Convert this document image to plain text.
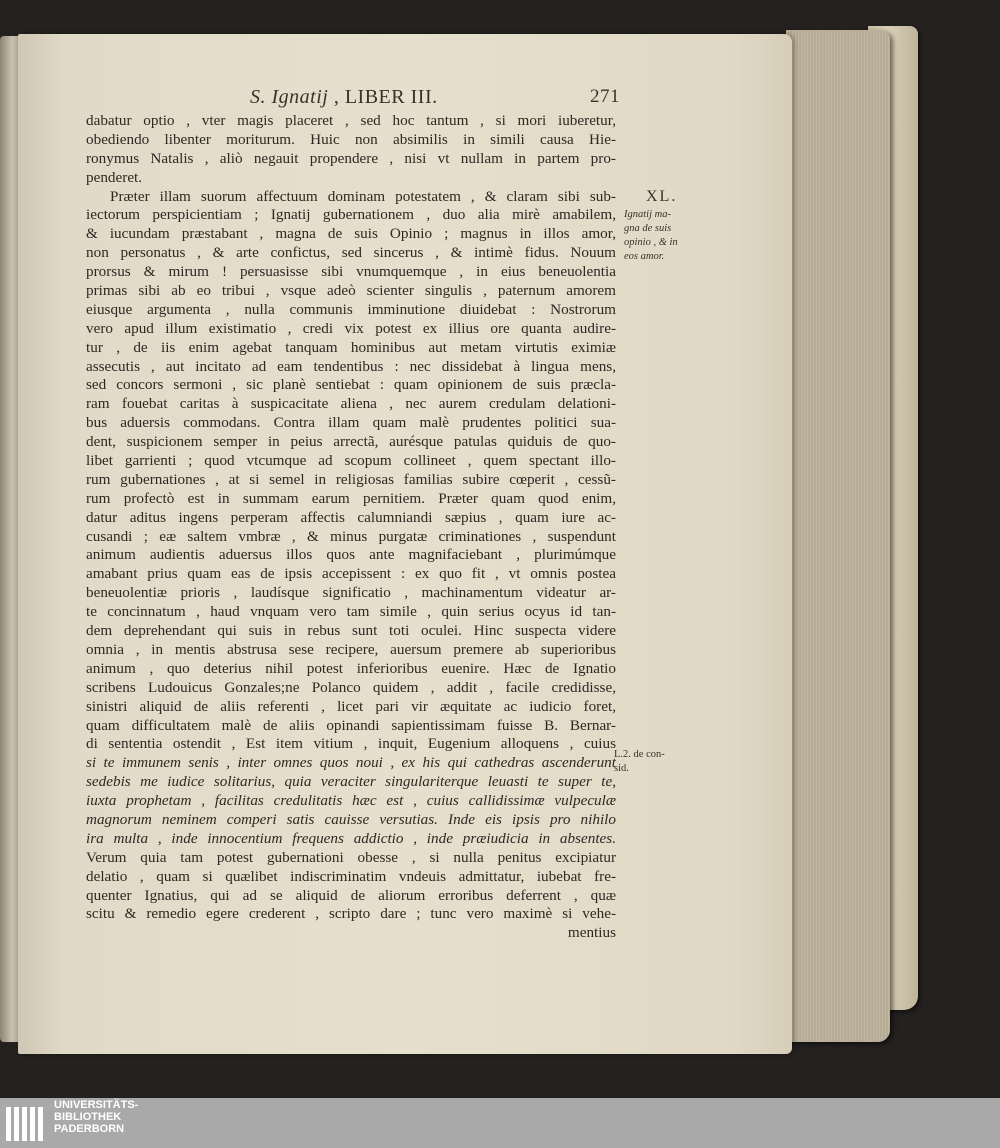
S. Ignatij , LIBER III.	271
dabatur optio , vter magis placeret , sed hoc tantum , si mori iuberetur,
obediendo libenter moriturum. Huic non absimilis in simili causa Hie-
ronymus Natalis , aliò negauit propendere , nisi vt nullam in partem pro-
penderet.
Præter illam suorum affectuum dominam potestatem , & claram sibi sub-
iectorum perspicientiam ; Ignatij gubernationem , duo alia mirè amabilem,
& iucundam præstabant , magna de suis Opinio ; magnus in illos amor,
non personatus , & arte confictus, sed sincerus , & intimè fidus. Nouum
prorsus & mirum ! persuasisse sibi vnumquemque , in eius beneuolentia
primas sibi ab eo tribui , vsque adeò scienter singulis , paternum amorem
eiusque argumenta , nulla communis imminutione diuidebat : Nostrorum
vero apud illum existimatio , credi vix potest ex illius ore quanta audire-
tur , de iis enim agebat tanquam hominibus aut metam virtutis eximiæ
assecutis , aut incitato ad eam tendentibus : nec dissidebat à lingua mens,
sed concors sermoni , sic planè sentiebat : quam opinionem de suis præcla-
ram fouebat caritas à suspicacitate aliena , nec aurem credulam delationi-
bus aduersis commodans. Contra illam quam malè prudentes politici sua-
dent, suspicionem semper in peius arrectã, aurésque patulas quiduis de quo-
libet garrienti ; quod vtcumque ad scopum collineet , quem spectant illo-
rum gubernationes , at si semel in religiosas familias subire cœperit , cessũ-
rum profectò est in summam earum pernitiem. Præter quam quod enim,
datur aditus ingens perperam affectis calumniandi sæpius , quam iure ac-
cusandi ; eæ saltem vmbræ , & minus purgatæ criminationes , suspendunt
animum audientis aduersus illos quos ante magnifaciebant , plurimúmque
amabant prius quam eas de ipsis accepissent : ex quo fit , vt omnis postea
beneuolentiæ prioris , laudísque significatio , machinamentum videatur ar-
te concinnatum , haud vnquam vero tam simile , quin serius ocyus id tan-
dem deprehendant qui suis in rebus sunt toti oculei. Hinc suspecta videre
omnia , in mentis abstrusa sese recipere, auersum premere ab superioribus
animum , quo deterius nihil potest inferioribus euenire. Hæc de Ignatio
scribens Ludouicus Gonzales;ne Polanco quidem , addit , facile credidisse,
sinistri aliquid de aliis referenti , licet pari vir æquitate ac iudicio foret,
quam difficultatem malè de aliis opinandi sapientissimam fuisse B. Bernar-
di sententia ostendit , Est item vitium , inquit, Eugenium alloquens , cuius
si te immunem senis , inter omnes quos noui , ex his qui cathedras ascenderunt
sedebis me iudice solitarius, quia veraciter singulariterque leuasti te super te,
iuxta prophetam , facilitas credulitatis hæc est , cuius callidissimæ vulpeculæ
magnorum neminem comperi satis cauisse versutias. Inde eis ipsis pro nihilo
ira multa , inde innocentium frequens addictio , inde præiudicia in absentes.
Verum quia tam potest gubernationi obesse , si nulla penitus excipiatur
delatio , quam si quælibet indiscriminatim vndeuis admittatur, iubebat fre-
quenter Ignatius, qui ad se aliquid de aliorum erroribus deferrent , quæ
scitu & remedio egere crederent , scripto dare ; tunc vero maximè si vehe-
mentius
XL.
Ignatij ma-
gna de suis
opinio , & in
eos amor.
L.2. de con-
sid.
UNIVERSITÄTS-
BIBLIOTHEK
PADERBORN
